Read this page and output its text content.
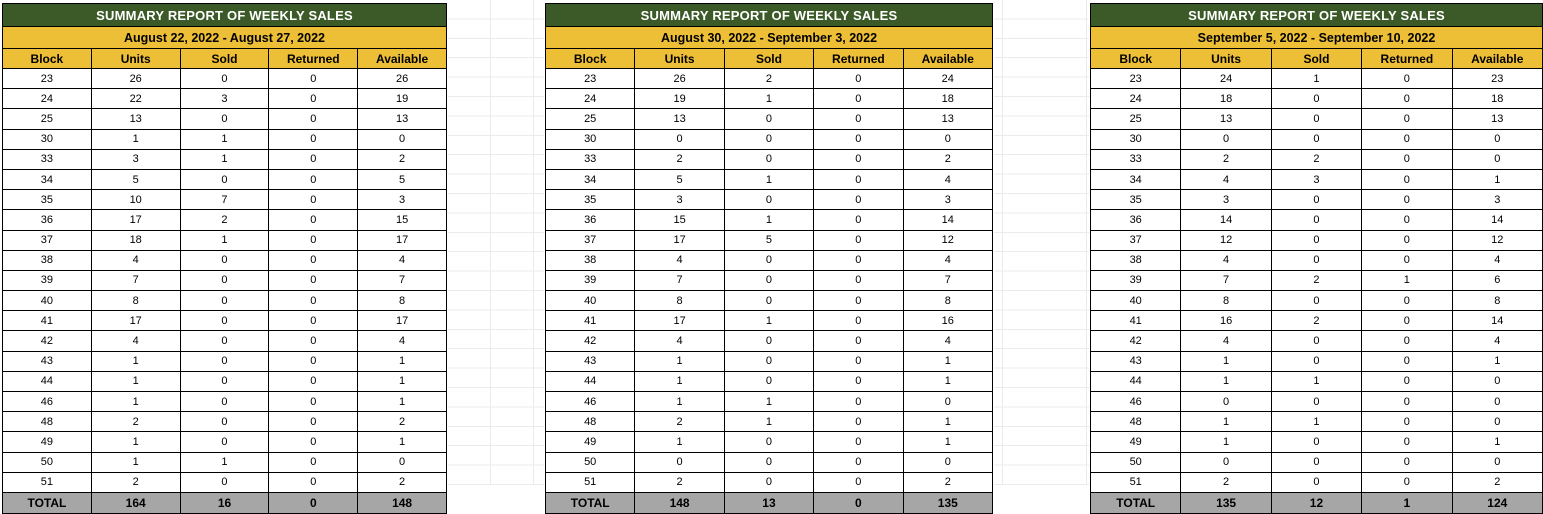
SUMMARY REPORT OF WEEKLY SALES				
August 22, 2022 - August 27, 2022				
Block	Units	Sold	Returned	Available
23	26	0	0	26
24	22	3	0	19
25	13	0	0	13
30	1	1	0	0
33	3	1	0	2
34	5	0	0	5
35	10	7	0	3
36	17	2	0	15
37	18	1	0	17
38	4	0	0	4
39	7	0	0	7
40	8	0	0	8
41	17	0	0	17
42	4	0	0	4
43	1	0	0	1
44	1	0	0	1
46	1	0	0	1
48	2	0	0	2
49	1	0	0	1
50	1	1	0	0
51	2	0	0	2
TOTAL	164	16	0	148
SUMMARY REPORT OF WEEKLY SALES				
August 30, 2022 - September 3, 2022				
Block	Units	Sold	Returned	Available
23	26	2	0	24
24	19	1	0	18
25	13	0	0	13
30	0	0	0	0
33	2	0	0	2
34	5	1	0	4
35	3	0	0	3
36	15	1	0	14
37	17	5	0	12
38	4	0	0	4
39	7	0	0	7
40	8	0	0	8
41	17	1	0	16
42	4	0	0	4
43	1	0	0	1
44	1	0	0	1
46	1	1	0	0
48	2	1	0	1
49	1	0	0	1
50	0	0	0	0
51	2	0	0	2
TOTAL	148	13	0	135
SUMMARY REPORT OF WEEKLY SALES				
September 5, 2022 - September 10, 2022				
Block	Units	Sold	Returned	Available
23	24	1	0	23
24	18	0	0	18
25	13	0	0	13
30	0	0	0	0
33	2	2	0	0
34	4	3	0	1
35	3	0	0	3
36	14	0	0	14
37	12	0	0	12
38	4	0	0	4
39	7	2	1	6
40	8	0	0	8
41	16	2	0	14
42	4	0	0	4
43	1	0	0	1
44	1	1	0	0
46	0	0	0	0
48	1	1	0	0
49	1	0	0	1
50	0	0	0	0
51	2	0	0	2
TOTAL	135	12	1	124
